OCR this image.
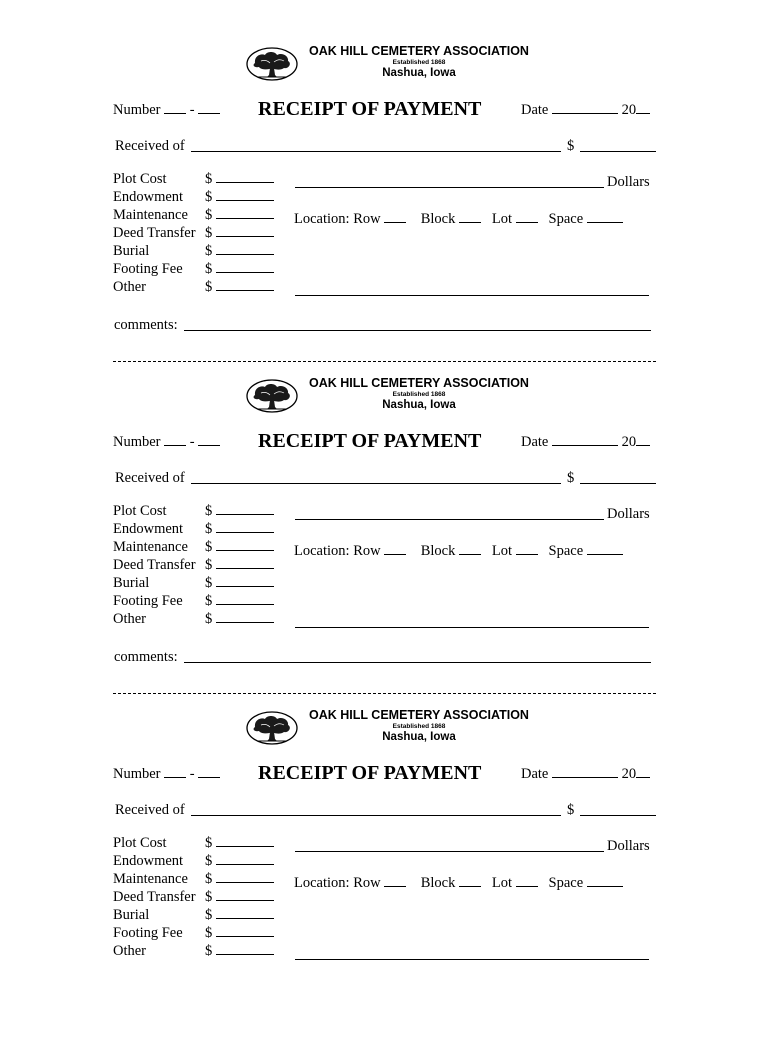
OAK HILL CEMETERY ASSOCIATION
Established 1868
Nashua, Iowa
Number -	RECEIPT OF PAYMENT	Date	20
Received of	$
Plot Cost	$
Endowment $
Maintenance $
Deed Transfer $
Burial	$
Footing Fee $
Other	$
Dollars
Location: Row	Block	Lot	Space
comments:
OAK HILL CEMETERY ASSOCIATION
Established 1868
Nashua, Iowa
Number -	RECEIPT OF PAYMENT	Date	20
Received of	$
Plot Cost	$
Endowment $
Maintenance $
Deed Transfer $
Burial	$
Footing Fee $
Other	$
Dollars
Location: Row	Block	Lot	Space
comments:
OAK HILL CEMETERY ASSOCIATION
Established 1868
Nashua, Iowa
Number -	RECEIPT OF PAYMENT	Date	20
Received of	$
Plot Cost	$
Endowment $
Maintenance $
Deed Transfer $
Burial	$
Footing Fee $
Other	$
Dollars
Location: Row	Block	Lot	Space
